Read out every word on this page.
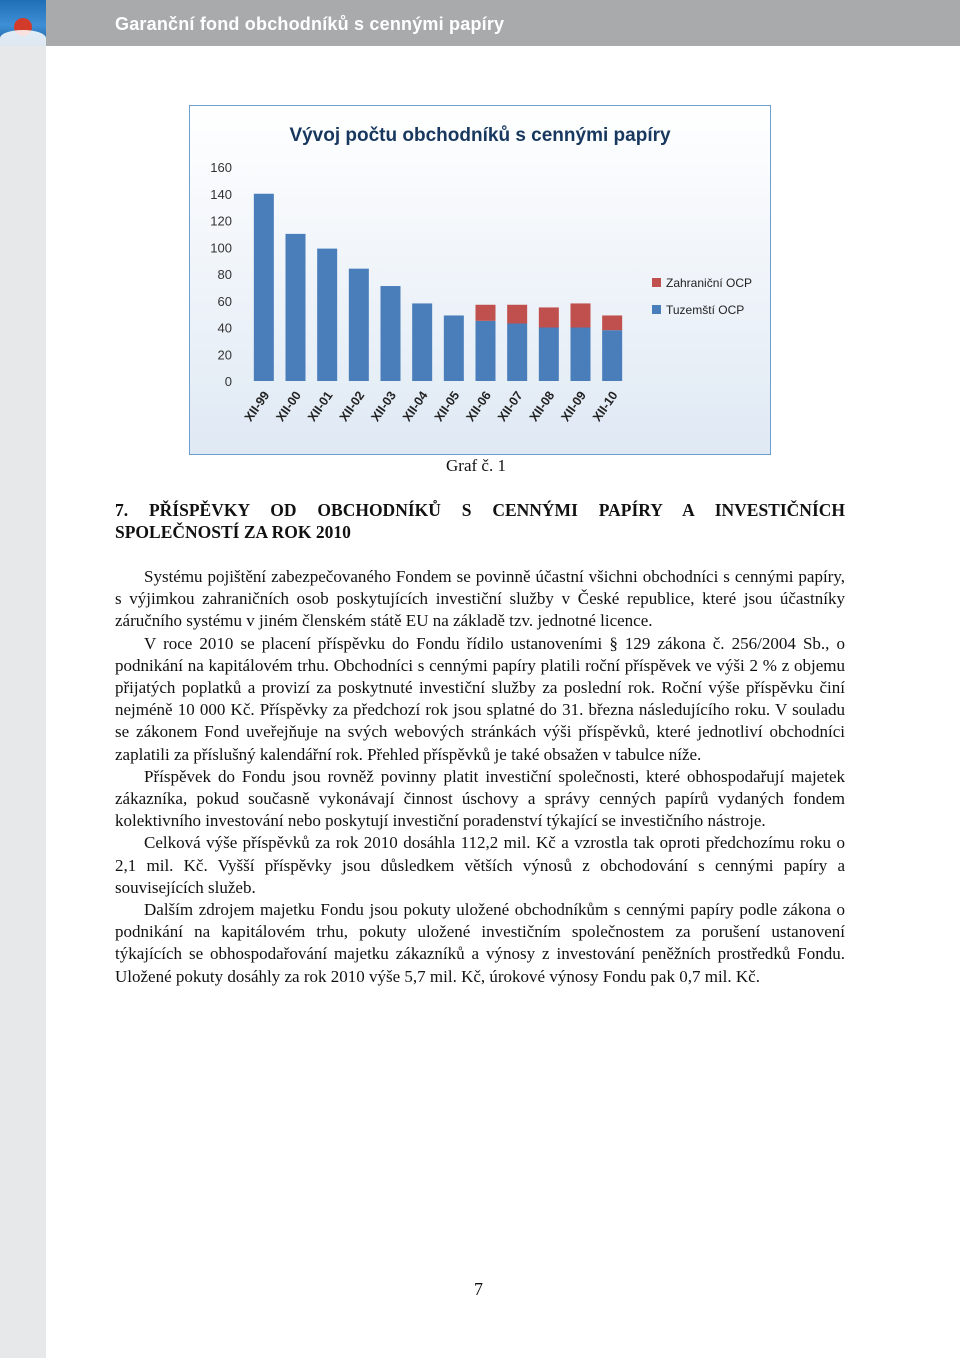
Garanční fond obchodníků s cennými papíry
Vývoj počtu obchodníků s cennými papíry
0
20
40
60
80
100
120
140
160
XII-99 XII-00 XII-01 XII-02 XII-03 XII-04 XII-05 XII-06 XII-07 XII-08 XII-09 XII-10
Zahraniční OCP
Tuzemští OCP
Graf č. 1
7. PŘÍSPĚVKY OD OBCHODNÍKŮ S CENNÝMI PAPÍRY A INVESTIČNÍCH
SPOLEČNOSTÍ ZA ROK 2010

Systému pojištění zabezpečovaného Fondem se povinně účastní všichni obchodníci s cennými papíry, s výjimkou zahraničních osob poskytujících investiční služby v České republice, které jsou účastníky záručního systému v jiném členském státě EU na základě tzv. jednotné licence.

V roce 2010 se placení příspěvku do Fondu řídilo ustanoveními § 129 zákona č. 256/2004 Sb., o podnikání na kapitálovém trhu. Obchodníci s cennými papíry platili roční příspěvek ve výši 2 % z objemu přijatých poplatků a provizí za poskytnuté investiční služby za poslední rok. Roční výše příspěvku činí nejméně 10 000 Kč. Příspěvky za předchozí rok jsou splatné do 31. března následujícího roku. V souladu se zákonem Fond uveřejňuje na svých webových stránkách výši příspěvků, které jednotliví obchodníci zaplatili za příslušný kalendářní rok. Přehled příspěvků je také obsažen v tabulce níže.

Příspěvek do Fondu jsou rovněž povinny platit investiční společnosti, které obhospodařují majetek zákazníka, pokud současně vykonávají činnost úschovy a správy cenných papírů vydaných fondem kolektivního investování nebo poskytují investiční poradenství týkající se investičního nástroje.

Celková výše příspěvků za rok 2010 dosáhla 112,2 mil. Kč a vzrostla tak oproti předchozímu roku o 2,1 mil. Kč. Vyšší příspěvky jsou důsledkem větších výnosů z obchodování s cennými papíry a souvisejících služeb.

Dalším zdrojem majetku Fondu jsou pokuty uložené obchodníkům s cennými papíry podle zákona o podnikání na kapitálovém trhu, pokuty uložené investičním společnostem za porušení ustanovení týkajících se obhospodařování majetku zákazníků a výnosy z investování peněžních prostředků Fondu. Uložené pokuty dosáhly za rok 2010 výše 5,7 mil. Kč, úrokové výnosy Fondu pak 0,7 mil. Kč.

7
